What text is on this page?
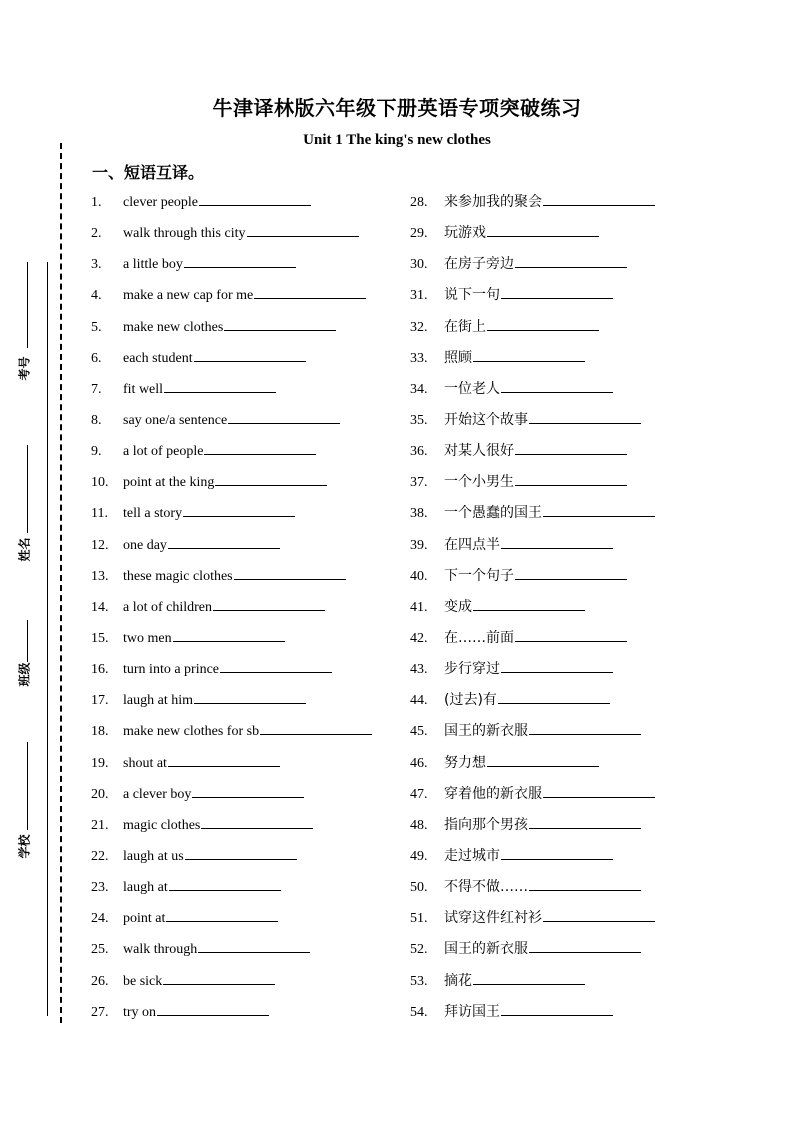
牛津译林版六年级下册英语专项突破练习
Unit 1 The king's new clothes
一、短语互译。
考号
姓名
班级
学校
1. clever people
2. walk through this city
3. a little boy
4. make a new cap for me
5. make new clothes
6. each student
7. fit well
8. say one/a sentence
9. a lot of people
10. point at the king
11. tell a story
12. one day
13. these magic clothes
14. a lot of children
15. two men
16. turn into a prince
17. laugh at him
18. make new clothes for sb
19. shout at
20. a clever boy
21. magic clothes
22. laugh at us
23. laugh at
24. point at
25. walk through
26. be sick
27. try on
28. 来参加我的聚会
29. 玩游戏
30. 在房子旁边
31. 说下一句
32. 在街上
33. 照顾
34. 一位老人
35. 开始这个故事
36. 对某人很好
37. 一个小男生
38. 一个愚蠢的国王
39. 在四点半
40. 下一个句子
41. 变成
42. 在……前面
43. 步行穿过
44. (过去)有
45. 国王的新衣服
46. 努力想
47. 穿着他的新衣服
48. 指向那个男孩
49. 走过城市
50. 不得不做……
51. 试穿这件红衬衫
52. 国王的新衣服
53. 摘花
54. 拜访国王
